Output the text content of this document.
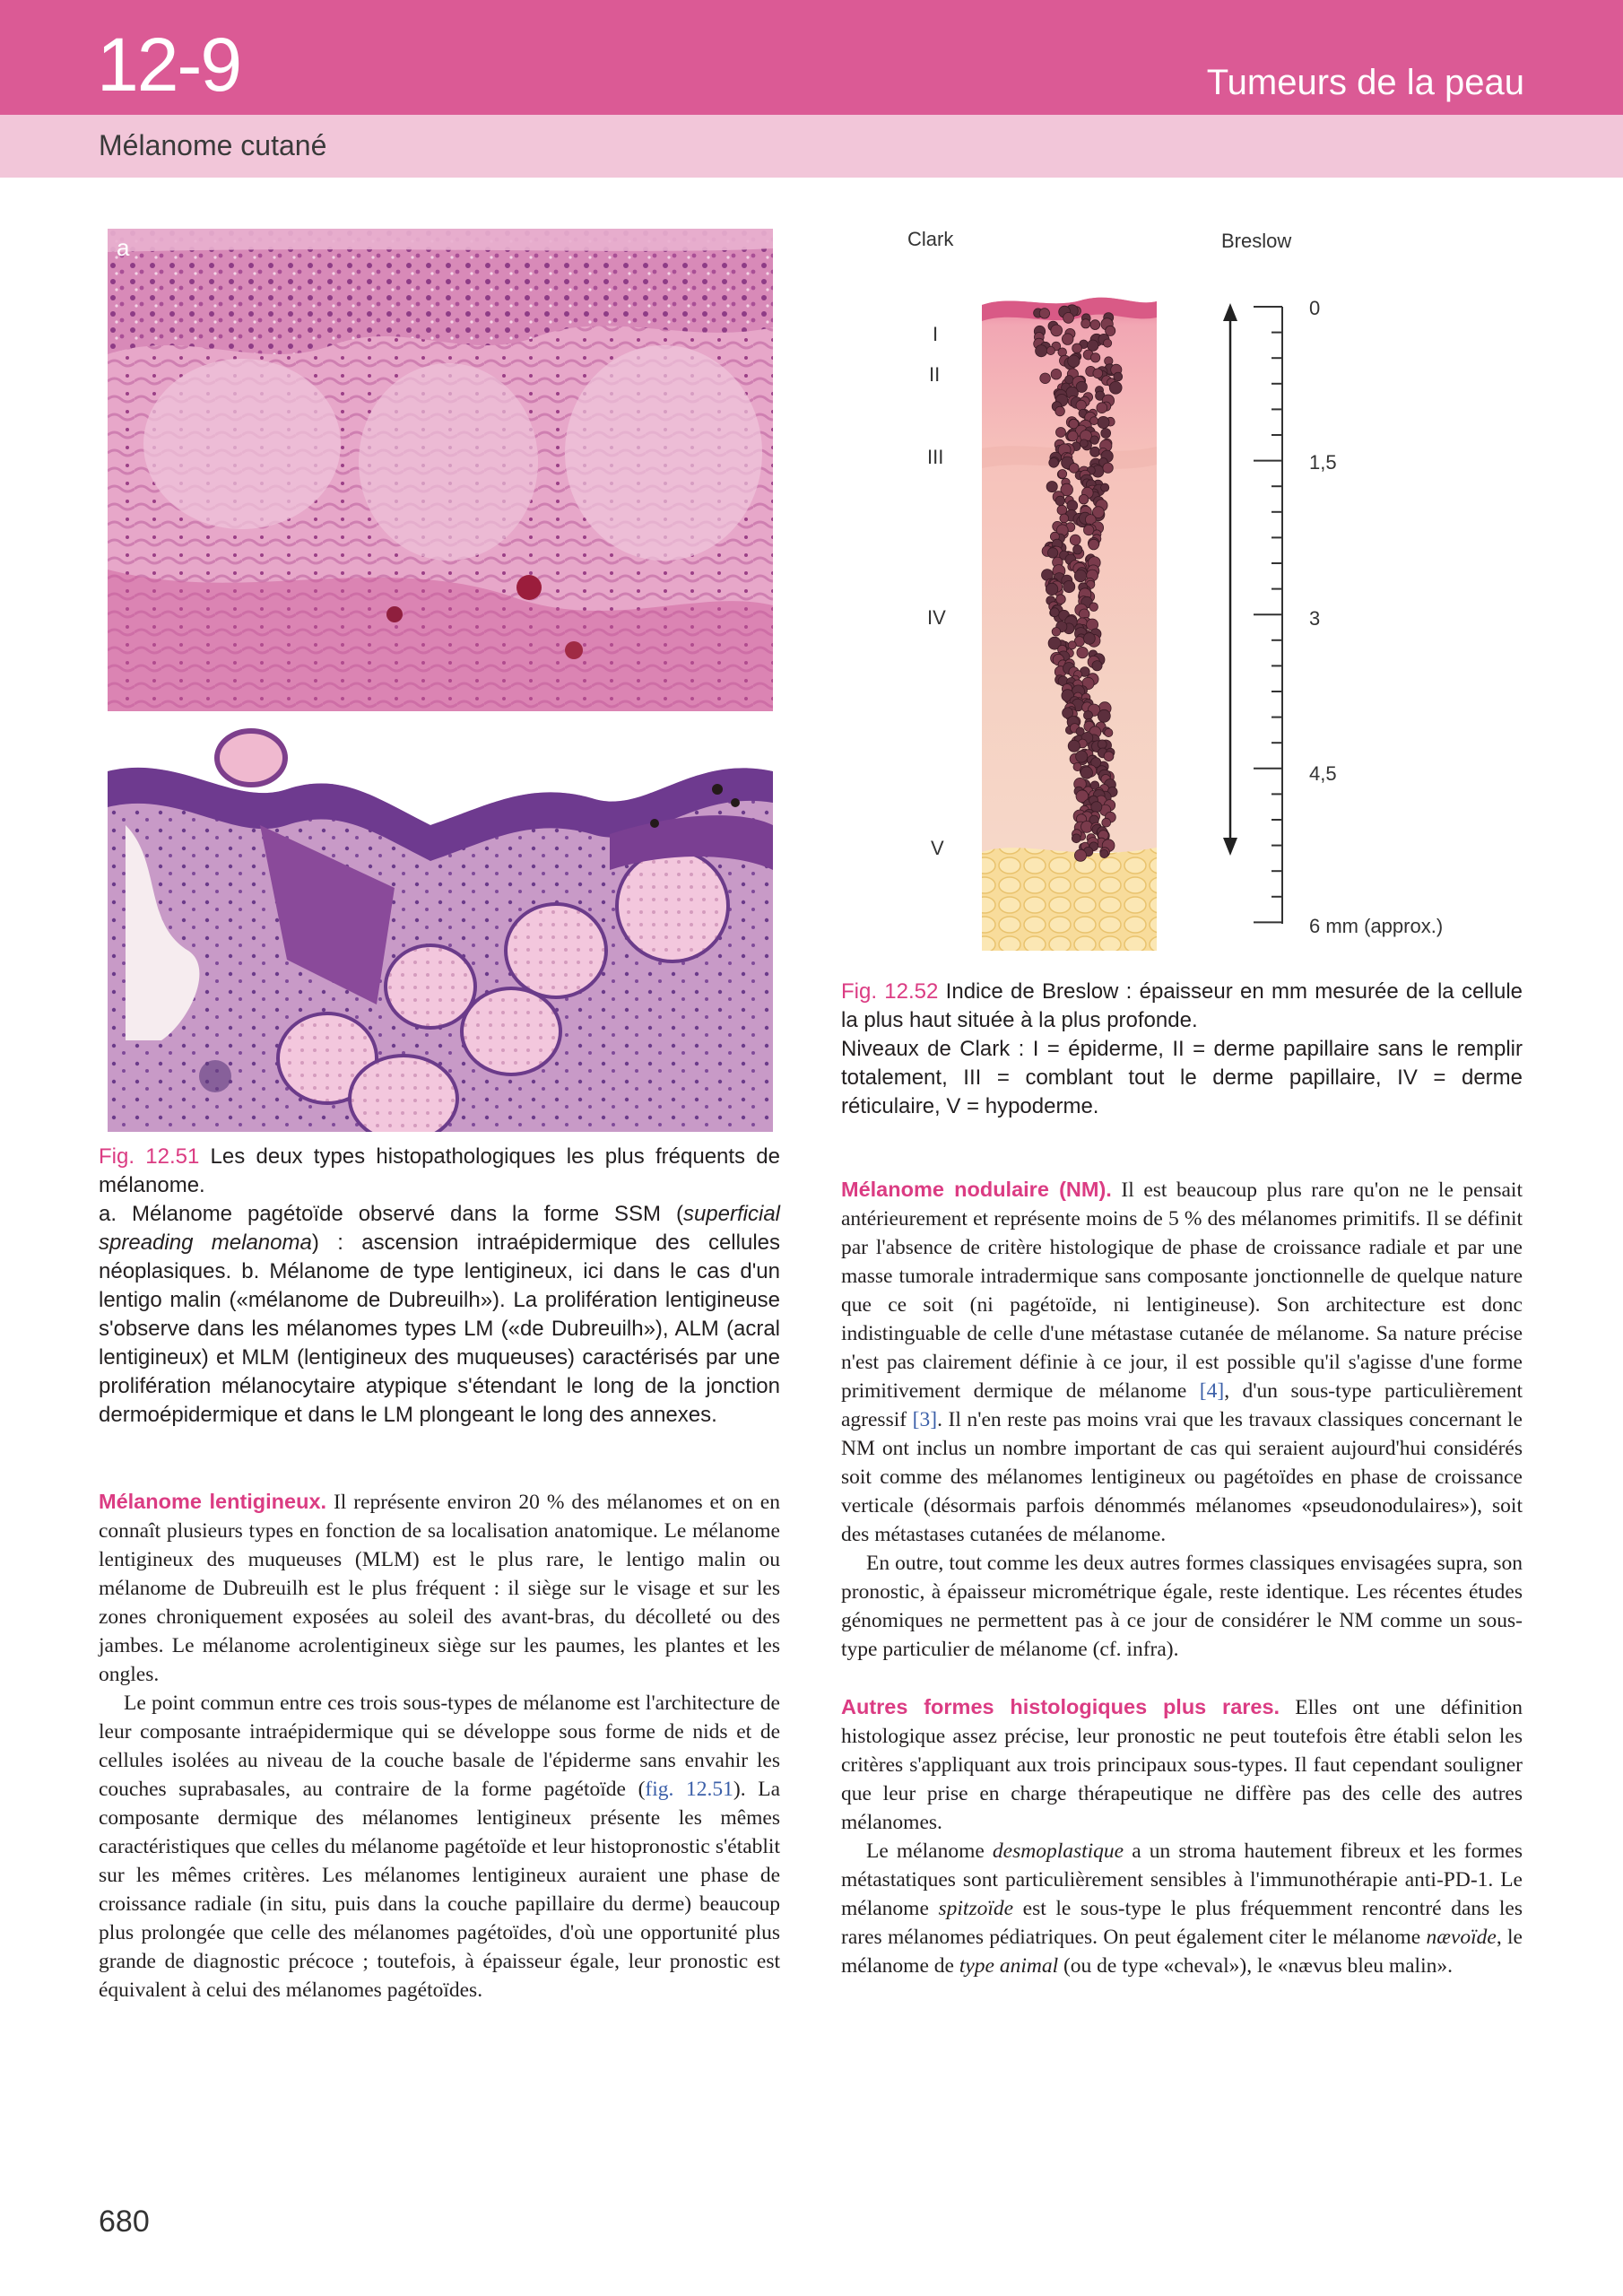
12-9	Tumeurs de la peau
Mélanome cutané
a
b

Fig. 12.51 Les deux types histopathologiques les plus fréquents de mélanome.

a. Mélanome pagétoïde observé dans la forme SSM (superficial spreading melanoma) : ascension intraépidermique des cellules néoplasiques. b. Mélanome de type lentigineux, ici dans le cas d'un lentigo malin («mélanome de Dubreuilh»). La prolifération lentigineuse s'observe dans les mélanomes types LM («de Dubreuilh»), ALM (acral lentigineux) et MLM (lentigineux des muqueuses) caractérisés par une prolifération mélanocytaire atypique s'étendant le long de la jonction dermoépidermique et dans le LM plongeant le long des annexes.

Clark	Breslow
I
II
III
IV
V
0
1,5
3
4,5
6 mm (approx.)

Fig. 12.52 Indice de Breslow : épaisseur en mm mesurée de la cellule la plus haut située à la plus profonde.

Niveaux de Clark : I = épiderme, II = derme papillaire sans le remplir totalement, III = comblant tout le derme papillaire, IV = derme réticulaire, V = hypoderme.

Mélanome lentigineux. Il représente environ 20 % des mélanomes et on en connaît plusieurs types en fonction de sa localisation anatomique. Le mélanome lentigineux des muqueuses (MLM) est le plus rare, le lentigo malin ou mélanome de Dubreuilh est le plus fréquent : il siège sur le visage et sur les zones chroniquement exposées au soleil des avant-bras, du décolleté ou des jambes. Le mélanome acrolentigineux siège sur les paumes, les plantes et les ongles.

Le point commun entre ces trois sous-types de mélanome est l'architecture de leur composante intraépidermique qui se développe sous forme de nids et de cellules isolées au niveau de la couche basale de l'épiderme sans envahir les couches suprabasales, au contraire de la forme pagétoïde (fig. 12.51). La composante dermique des mélanomes lentigineux présente les mêmes caractéristiques que celles du mélanome pagétoïde et leur histopronostic s'établit sur les mêmes critères. Les mélanomes lentigineux auraient une phase de croissance radiale (in situ, puis dans la couche papillaire du derme) beaucoup plus prolongée que celle des mélanomes pagétoïdes, d'où une opportunité plus grande de diagnostic précoce ; toutefois, à épaisseur égale, leur pronostic est équivalent à celui des mélanomes pagétoïdes.

Mélanome nodulaire (NM). Il est beaucoup plus rare qu'on ne le pensait antérieurement et représente moins de 5 % des mélanomes primitifs. Il se définit par l'absence de critère histologique de phase de croissance radiale et par une masse tumorale intradermique sans composante jonctionnelle de quelque nature que ce soit (ni pagétoïde, ni lentigineuse). Son architecture est donc indistinguable de celle d'une métastase cutanée de mélanome. Sa nature précise n'est pas clairement définie à ce jour, il est possible qu'il s'agisse d'une forme primitivement dermique de mélanome [4], d'un sous-type particulièrement agressif [3]. Il n'en reste pas moins vrai que les travaux classiques concernant le NM ont inclus un nombre important de cas qui seraient aujourd'hui considérés soit comme des mélanomes lentigineux ou pagétoïdes en phase de croissance verticale (désormais parfois dénommés mélanomes «pseudonodulaires»), soit des métastases cutanées de mélanome.

En outre, tout comme les deux autres formes classiques envisagées supra, son pronostic, à épaisseur micrométrique égale, reste identique. Les récentes études génomiques ne permettent pas à ce jour de considérer le NM comme un sous-type particulier de mélanome (cf. infra).

Autres formes histologiques plus rares. Elles ont une définition histologique assez précise, leur pronostic ne peut toutefois être établi selon les critères s'appliquant aux trois principaux sous-types. Il faut cependant souligner que leur prise en charge thérapeutique ne diffère pas des celle des autres mélanomes.

Le mélanome desmoplastique a un stroma hautement fibreux et les formes métastatiques sont particulièrement sensibles à l'immunothérapie anti-PD-1. Le mélanome spitzoïde est le sous-type le plus fréquemment rencontré dans les rares mélanomes pédiatriques. On peut également citer le mélanome nævoïde, le mélanome de type animal (ou de type «cheval»), le «nævus bleu malin».

680
